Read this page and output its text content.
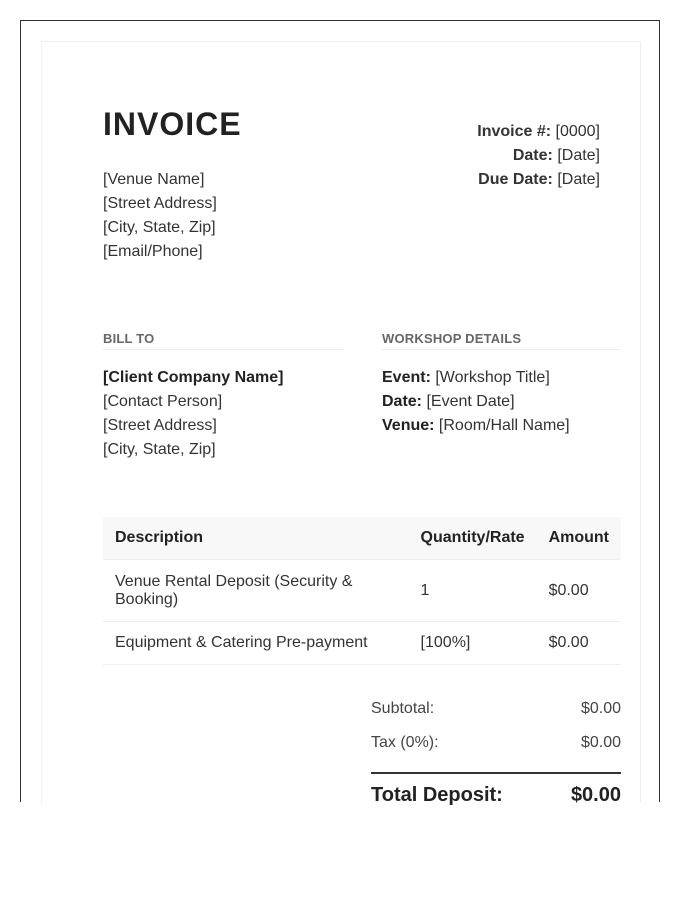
INVOICE
[Venue Name]
[Street Address]
[City, State, Zip]
[Email/Phone]
Invoice #: [0000]
Date: [Date]
Due Date: [Date]
BILL TO	WORKSHOP DETAILS
[Client Company Name]
[Contact Person]
[Street Address]
[City, State, Zip]
Event: [Workshop Title]
Date: [Event Date]
Venue: [Room/Hall Name]
Description	Quantity/Rate	Amount

Venue Rental Deposit (Security & Booking)	1	$0.00

Equipment & Catering Pre-payment	[100%]	$0.00
Subtotal:	$0.00
Tax (0%):	$0.00
Total Deposit:	$0.00
